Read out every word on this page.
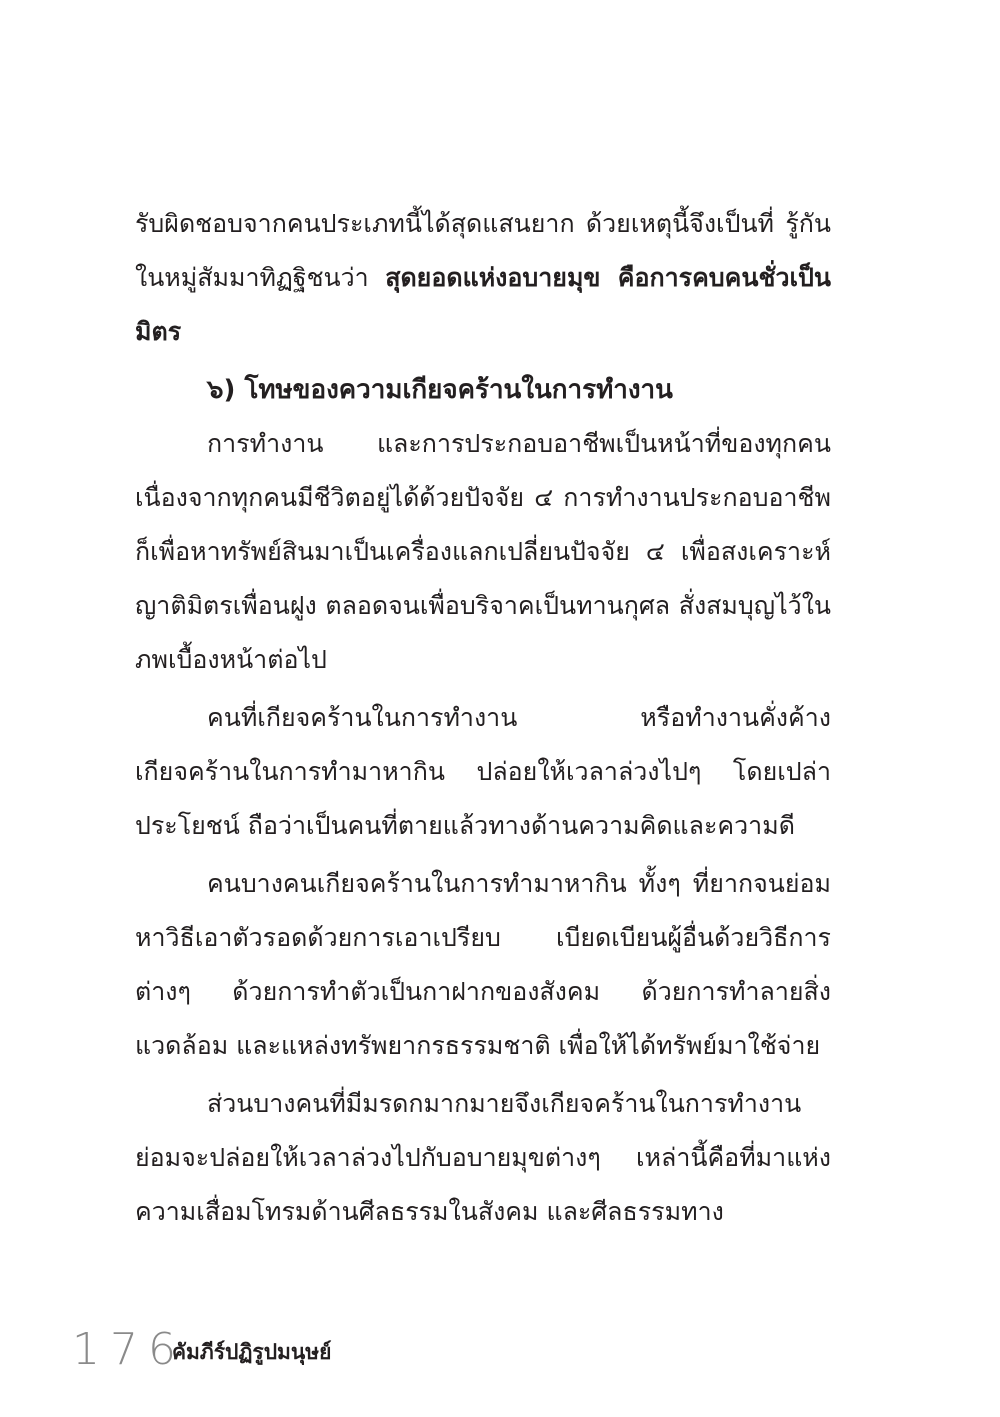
รับผิดชอบจากคนประเภทนี้ได้สุดแสนยาก ด้วยเหตุนี้จึงเป็นที่ รู้กันในหมู่สัมมาทิฏฐิชนว่า สุดยอดแห่งอบายมุข คือการคบคนชั่วเป็นมิตร

๖) โทษของความเกียจคร้านในการทำงาน

การทำงาน และการประกอบอาชีพเป็นหน้าที่ของทุกคน เนื่องจากทุกคนมีชีวิตอยู่ได้ด้วยปัจจัย ๔ การทำงานประกอบอาชีพ ก็เพื่อหาทรัพย์สินมาเป็นเครื่องแลกเปลี่ยนปัจจัย ๔ เพื่อสงเคราะห์ญาติมิตรเพื่อนฝูง ตลอดจนเพื่อบริจาคเป็นทานกุศล สั่งสมบุญไว้ในภพเบื้องหน้าต่อไป

คนที่เกียจคร้านในการทำงาน หรือทำงานคั่งค้าง เกียจคร้านในการทำมาหากิน ปล่อยให้เวลาล่วงไปๆ โดยเปล่าประโยชน์ ถือว่าเป็นคนที่ตายแล้วทางด้านความคิดและความดี

คนบางคนเกียจคร้านในการทำมาหากิน ทั้งๆ ที่ยากจนย่อมหาวิธีเอาตัวรอดด้วยการเอาเปรียบ เบียดเบียนผู้อื่นด้วยวิธีการต่างๆ ด้วยการทำตัวเป็นกาฝากของสังคม ด้วยการทำลายสิ่งแวดล้อม และแหล่งทรัพยากรธรรมชาติ เพื่อให้ได้ทรัพย์มาใช้จ่าย

ส่วนบางคนที่มีมรดกมากมายจึงเกียจคร้านในการทำงาน ย่อมจะปล่อยให้เวลาล่วงไปกับอบายมุขต่างๆ เหล่านี้คือที่มาแห่งความเสื่อมโทรมด้านศีลธรรมในสังคม และศีลธรรมทาง

176
คัมภีร์ปฏิรูปมนุษย์
